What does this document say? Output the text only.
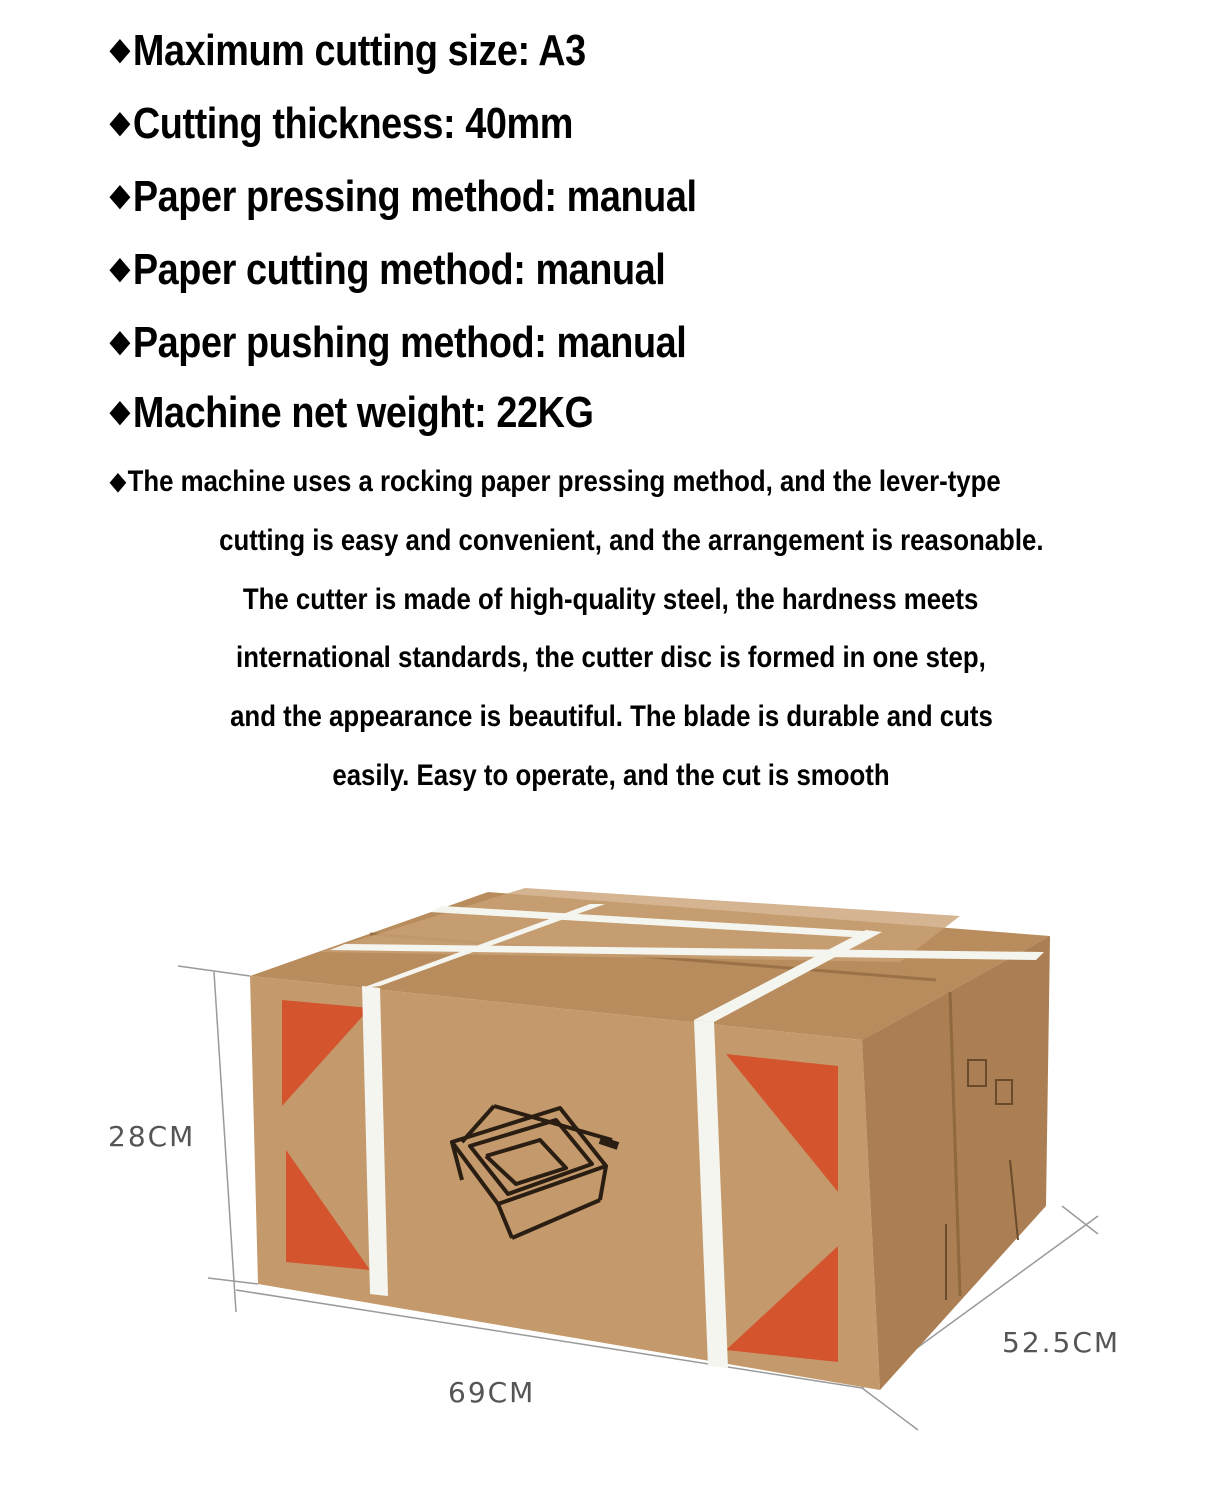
◆Maximum cutting size: A3
◆Cutting thickness: 40mm
◆Paper pressing method: manual
◆Paper cutting method: manual
◆Paper pushing method: manual
◆Machine net weight: 22KG
◆The machine uses a rocking paper pressing method, and the lever-type
cutting is easy and convenient, and the arrangement is reasonable.
The cutter is made of high-quality steel, the hardness meets
international standards, the cutter disc is formed in one step,
and the appearance is beautiful. The blade is durable and cuts
easily. Easy to operate, and the cut is smooth
28CM
69CM
52.5CM
